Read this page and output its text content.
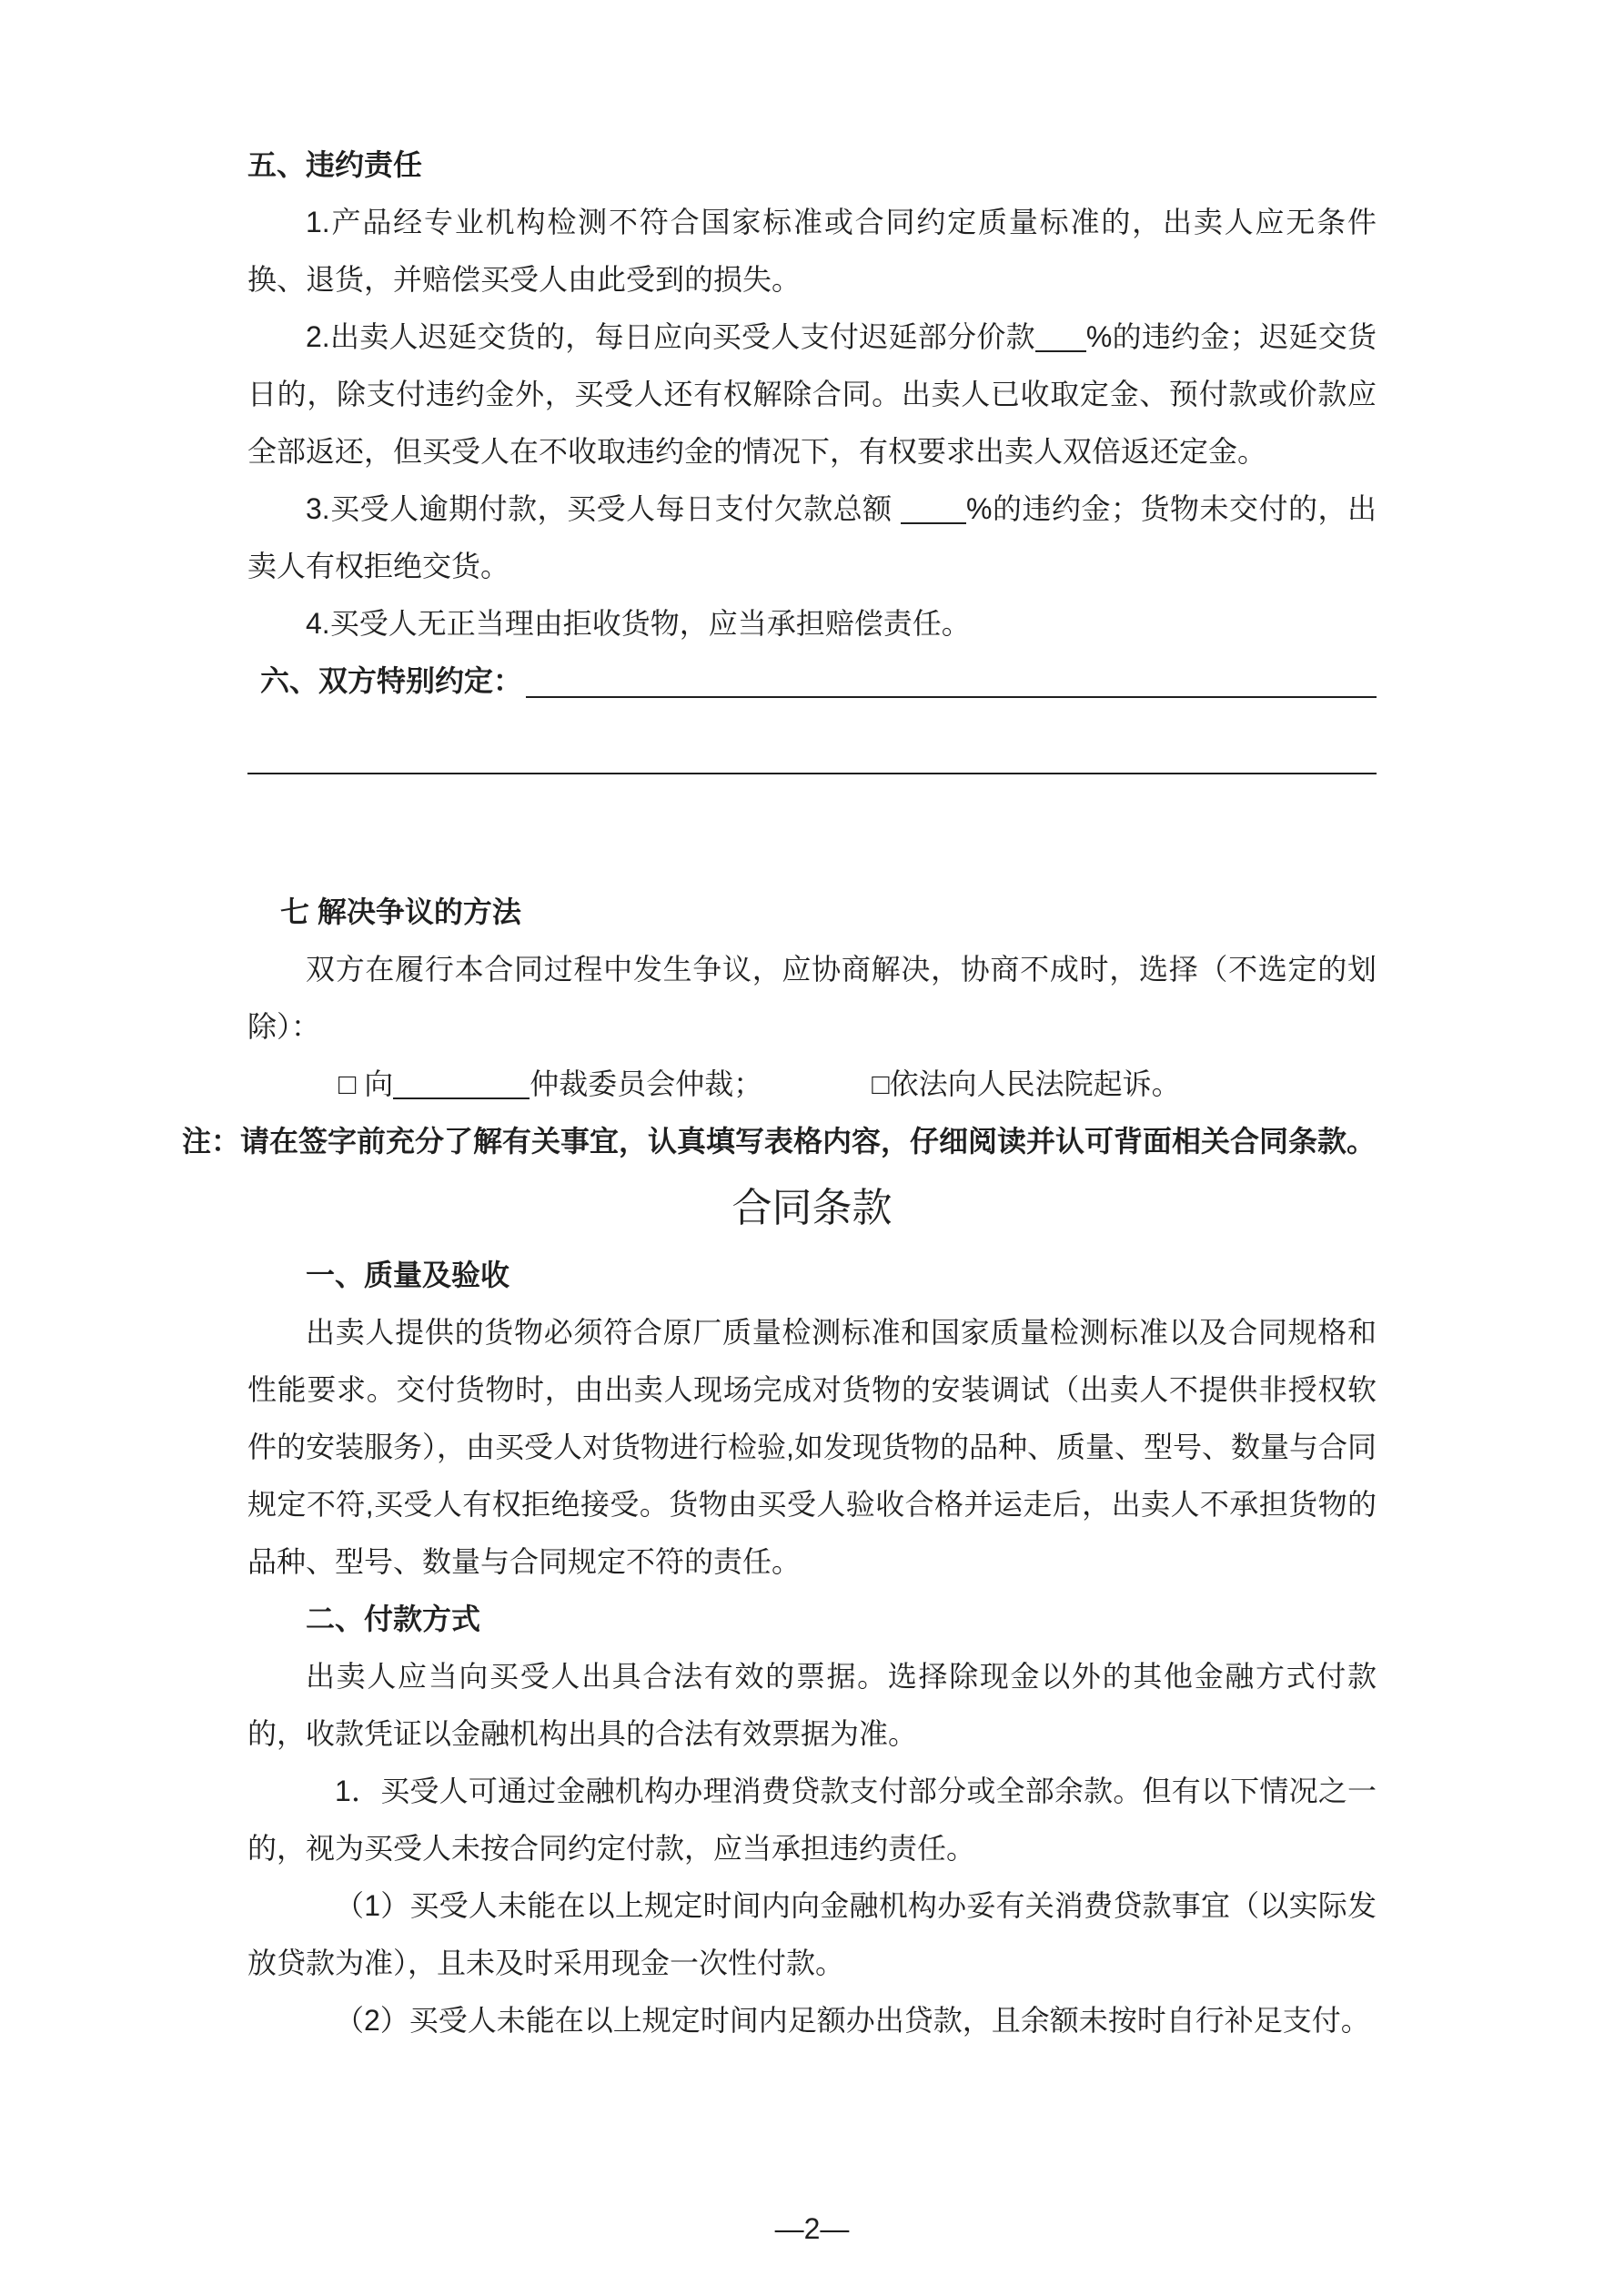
五、违约责任

1.产品经专业机构检测不符合国家标准或合同约定质量标准的，出卖人应无条件换、退货，并赔偿买受人由此受到的损失。

2.出卖人迟延交货的，每日应向买受人支付迟延部分价款 %的违约金；迟延交货日的，除支付违约金外，买受人还有权解除合同。出卖人已收取定金、预付款或价款应全部返还，但买受人在不收取违约金的情况下，有权要求出卖人双倍返还定金。

3.买受人逾期付款，买受人每日支付欠款总额 %的违约金；货物未交付的，出卖人有权拒绝交货。

4.买受人无正当理由拒收货物，应当承担赔偿责任。

六、双方特别约定：

七 解决争议的方法

双方在履行本合同过程中发生争议，应协商解决，协商不成时，选择（不选定的划除）：

□ 向	仲裁委员会仲裁；	□依法向人民法院起诉。

注：请在签字前充分了解有关事宜，认真填写表格内容，仔细阅读并认可背面相关合同条款。

合同条款

一、质量及验收

出卖人提供的货物必须符合原厂质量检测标准和国家质量检测标准以及合同规格和性能要求。交付货物时，由出卖人现场完成对货物的安装调试（出卖人不提供非授权软件的安装服务），由买受人对货物进行检验,如发现货物的品种、质量、型号、数量与合同规定不符,买受人有权拒绝接受。货物由买受人验收合格并运走后，出卖人不承担货物的品种、型号、数量与合同规定不符的责任。

二、付款方式

出卖人应当向买受人出具合法有效的票据。选择除现金以外的其他金融方式付款的，收款凭证以金融机构出具的合法有效票据为准。

1．买受人可通过金融机构办理消费贷款支付部分或全部余款。但有以下情况之一的，视为买受人未按合同约定付款，应当承担违约责任。

（1）买受人未能在以上规定时间内向金融机构办妥有关消费贷款事宜（以实际发放贷款为准），且未及时采用现金一次性付款。

（2）买受人未能在以上规定时间内足额办出贷款，且余额未按时自行补足支付。

—2—
